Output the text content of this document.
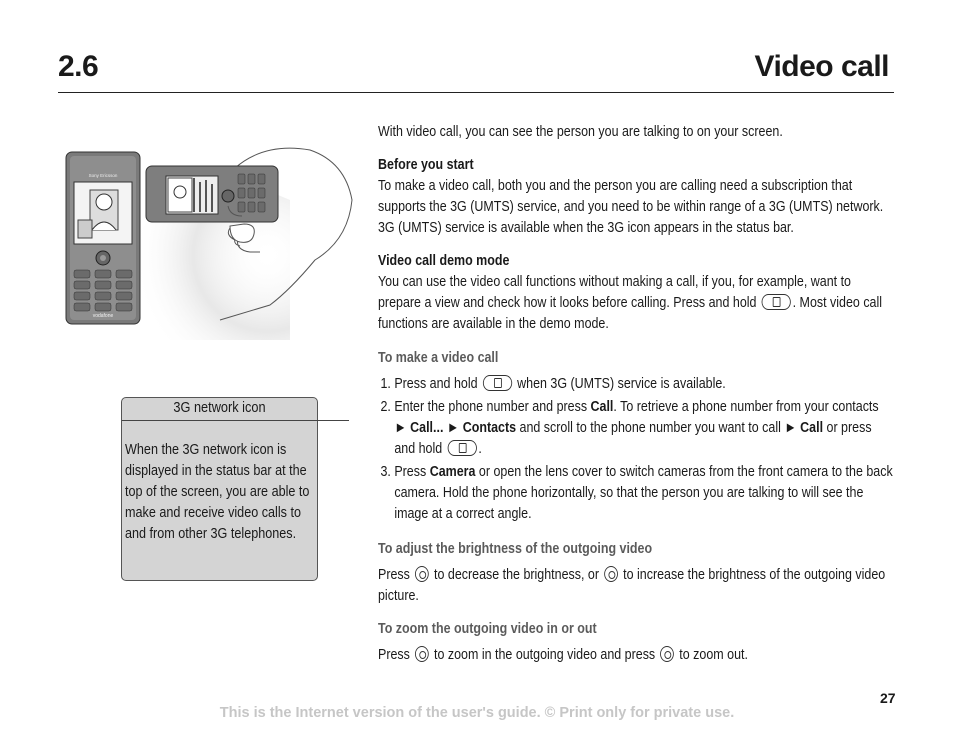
2.6	Video call
Sony Ericsson
vodafone
3G network icon
When the 3G network icon is displayed in the status bar at the top of the screen, you are able to make and receive video calls to and from other 3G telephones.

With video call, you can see the person you are talking to on your screen.

Before you start

To make a video call, both you and the person you are calling need a subscription that supports the 3G (UMTS) service, and you need to be within range of a 3G (UMTS) network. 3G (UMTS) service is available when the 3G icon appears in the status bar.

Video call demo mode

You can use the video call functions without making a call, if you, for example, want to prepare a view and check how it looks before calling. Press and hold . Most video call functions are available in the demo mode.

To make a video call

1. Press and hold	when 3G (UMTS) service is available.
2. Enter the phone number and press Call. To retrieve a phone number from your contacts ► Call... ► Contacts and scroll to the phone number you want to call ► Call or press and hold .
3. Press Camera or open the lens cover to switch cameras from the front camera to the back camera. Hold the phone horizontally, so that the person you are talking to will see the image at a correct angle.

To adjust the brightness of the outgoing video

Press to decrease the brightness, or to increase the brightness of the outgoing video picture.

To zoom the outgoing video in or out

Press to zoom in the outgoing video and press to zoom out.

27
This is the Internet version of the user's guide. © Print only for private use.
